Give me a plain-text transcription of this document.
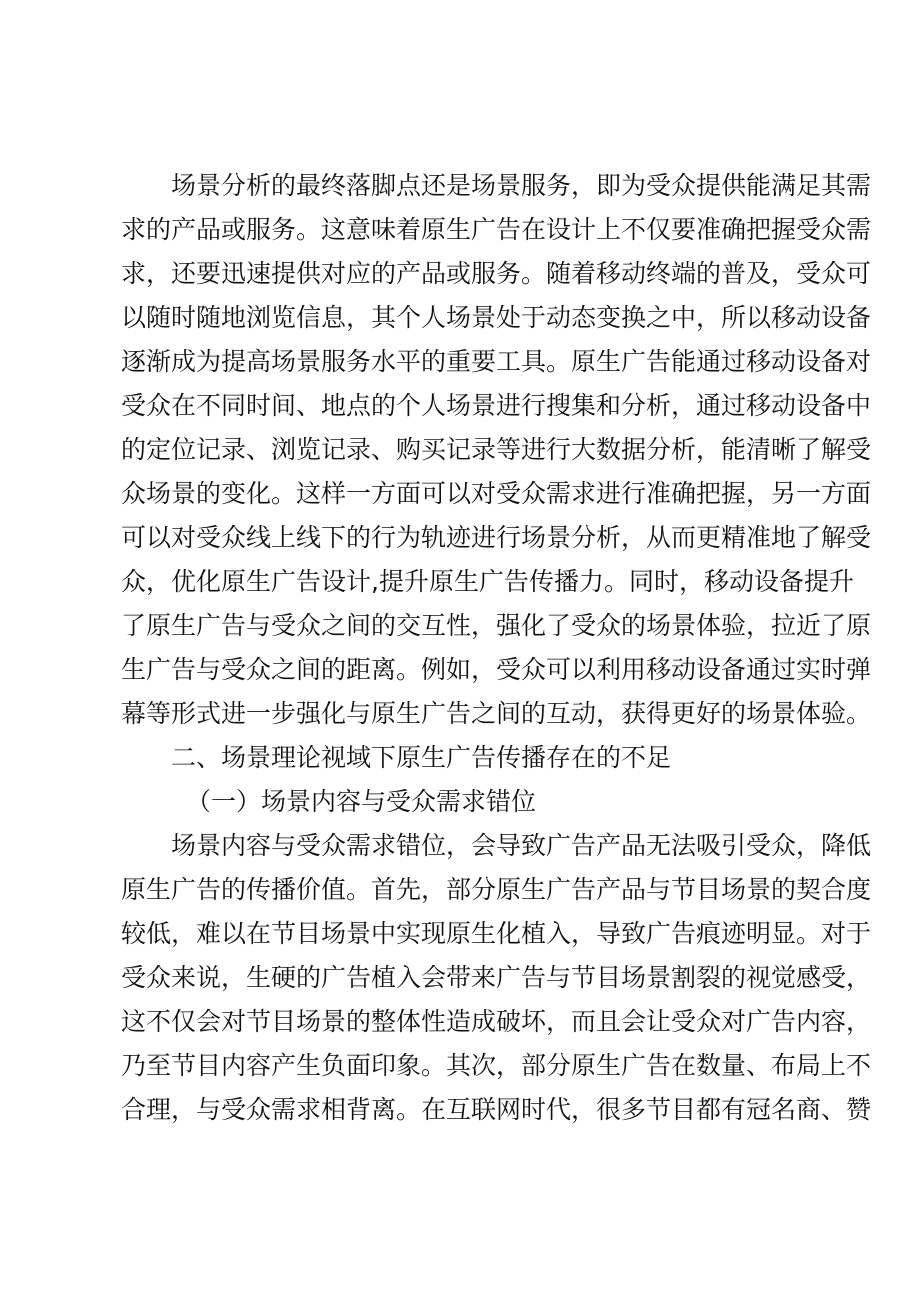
场景分析的最终落脚点还是场景服务，即为受众提供能满足其需
求的产品或服务。这意味着原生广告在设计上不仅要准确把握受众需
求，还要迅速提供对应的产品或服务。随着移动终端的普及，受众可
以随时随地浏览信息，其个人场景处于动态变换之中，所以移动设备
逐渐成为提高场景服务水平的重要工具。原生广告能通过移动设备对
受众在不同时间、地点的个人场景进行搜集和分析，通过移动设备中
的定位记录、浏览记录、购买记录等进行大数据分析，能清晰了解受
众场景的变化。这样一方面可以对受众需求进行准确把握，另一方面
可以对受众线上线下的行为轨迹进行场景分析，从而更精准地了解受
众，优化原生广告设计,提升原生广告传播力。同时，移动设备提升
了原生广告与受众之间的交互性，强化了受众的场景体验，拉近了原
生广告与受众之间的距离。例如，受众可以利用移动设备通过实时弹
幕等形式进一步强化与原生广告之间的互动，获得更好的场景体验。
二、场景理论视域下原生广告传播存在的不足
（一）场景内容与受众需求错位
场景内容与受众需求错位，会导致广告产品无法吸引受众，降低
原生广告的传播价值。首先，部分原生广告产品与节目场景的契合度
较低，难以在节目场景中实现原生化植入，导致广告痕迹明显。对于
受众来说，生硬的广告植入会带来广告与节目场景割裂的视觉感受，
这不仅会对节目场景的整体性造成破坏，而且会让受众对广告内容，
乃至节目内容产生负面印象。其次，部分原生广告在数量、布局上不
合理，与受众需求相背离。在互联网时代，很多节目都有冠名商、赞
